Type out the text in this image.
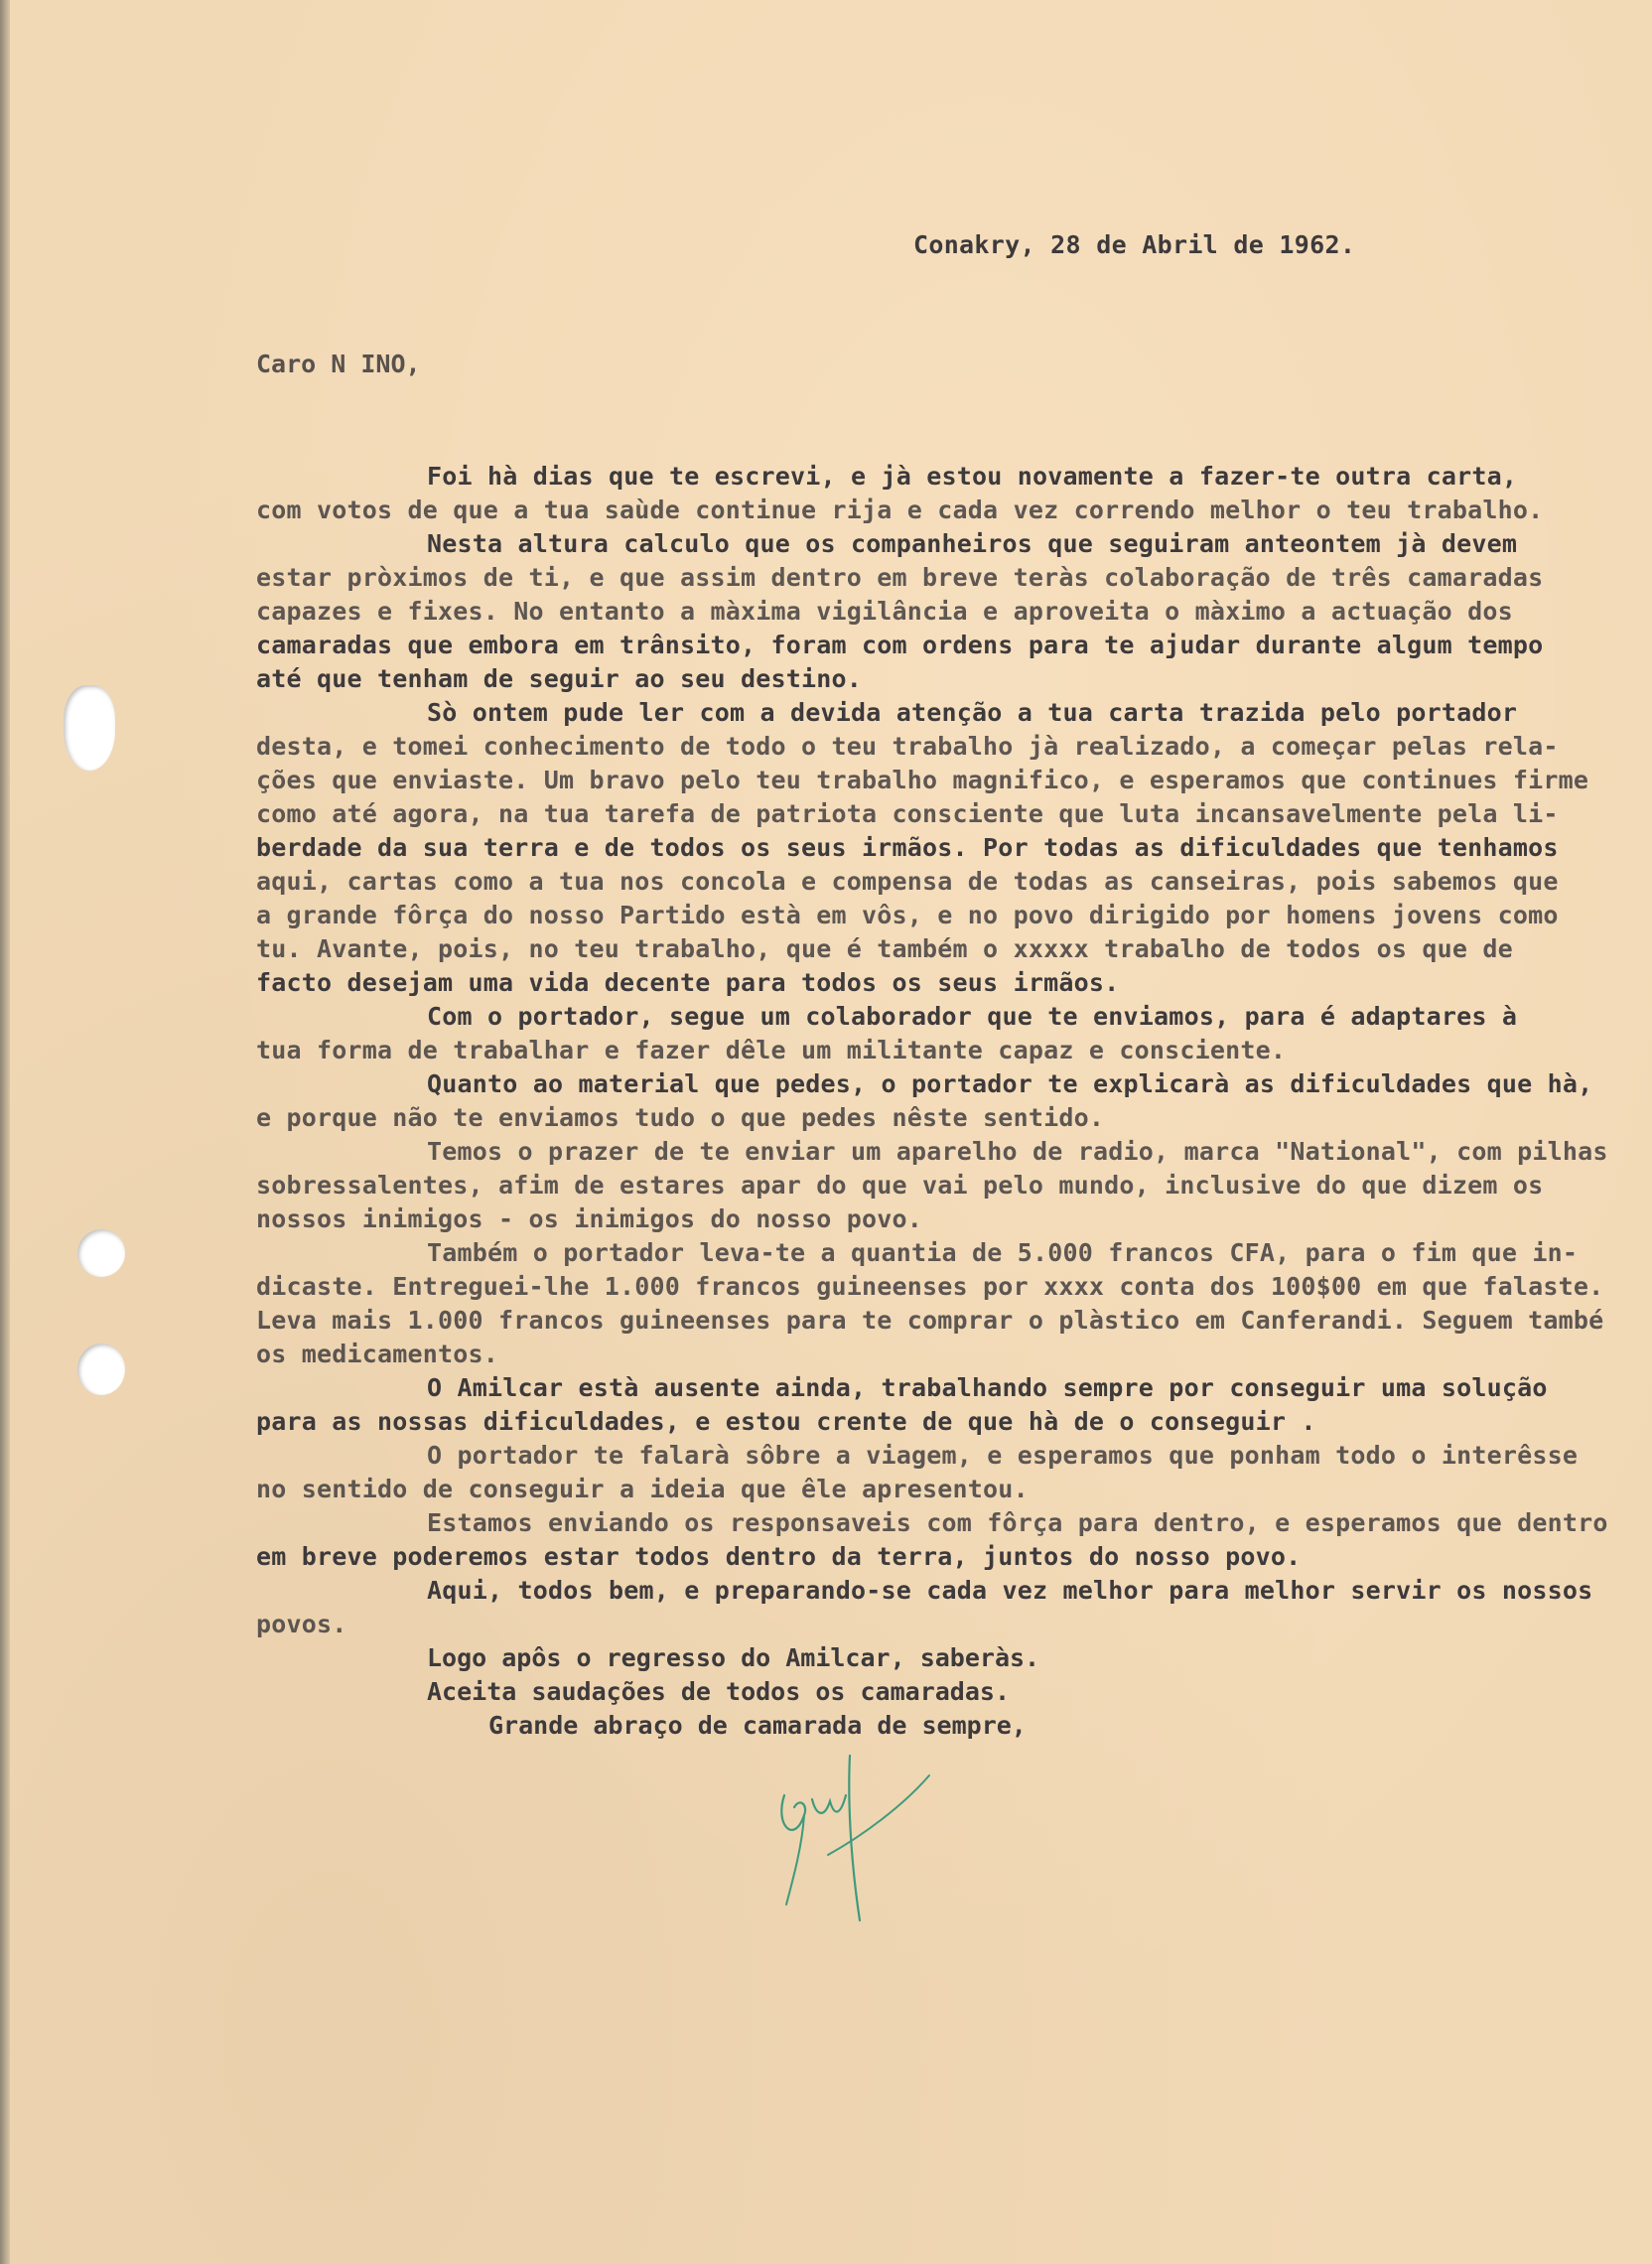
Conakry, 28 de Abril de 1962.
Caro N INO,
Foi hà dias que te escrevi, e jà estou novamente a fazer-te outra carta,
com votos de que a tua saùde continue rija e cada vez correndo melhor o teu trabalho.
Nesta altura calculo que os companheiros que seguiram anteontem jà devem
estar pròximos de ti, e que assim dentro em breve teràs colaboração de três camaradas
capazes e fixes. No entanto a màxima vigilância e aproveita o màximo a actuação dos
camaradas que embora em trânsito, foram com ordens para te ajudar durante algum tempo
até que tenham de seguir ao seu destino.
Sò ontem pude ler com a devida atenção a tua carta trazida pelo portador
desta, e tomei conhecimento de todo o teu trabalho jà realizado, a começar pelas rela-
ções que enviaste. Um bravo pelo teu trabalho magnifico, e esperamos que continues firme
como até agora, na tua tarefa de patriota consciente que luta incansavelmente pela li-
berdade da sua terra e de todos os seus irmãos. Por todas as dificuldades que tenhamos
aqui, cartas como a tua nos concola e compensa de todas as canseiras, pois sabemos que
a grande fôrça do nosso Partido està em vôs, e no povo dirigido por homens jovens como
tu. Avante, pois, no teu trabalho, que é também o xxxxx trabalho de todos os que de
facto desejam uma vida decente para todos os seus irmãos.
Com o portador, segue um colaborador que te enviamos, para é adaptares à
tua forma de trabalhar e fazer dêle um militante capaz e consciente.
Quanto ao material que pedes, o portador te explicarà as dificuldades que hà,
e porque não te enviamos tudo o que pedes nêste sentido.
Temos o prazer de te enviar um aparelho de radio, marca "National", com pilhas
sobressalentes, afim de estares apar do que vai pelo mundo, inclusive do que dizem os
nossos inimigos - os inimigos do nosso povo.
Também o portador leva-te a quantia de 5.000 francos CFA, para o fim que in-
dicaste. Entreguei-lhe 1.000 francos guineenses por xxxx conta dos 100$00 em que falaste.
Leva mais 1.000 francos guineenses para te comprar o plàstico em Canferandi. Seguem també
os medicamentos.
O Amilcar està ausente ainda, trabalhando sempre por conseguir uma solução
para as nossas dificuldades, e estou crente de que hà de o conseguir .
O portador te falarà sôbre a viagem, e esperamos que ponham todo o interêsse
no sentido de conseguir a ideia que êle apresentou.
Estamos enviando os responsaveis com fôrça para dentro, e esperamos que dentro
em breve poderemos estar todos dentro da terra, juntos do nosso povo.
Aqui, todos bem, e preparando-se cada vez melhor para melhor servir os nossos
povos.
Logo apôs o regresso do Amilcar, saberàs.
Aceita saudações de todos os camaradas.
Grande abraço de camarada de sempre,
